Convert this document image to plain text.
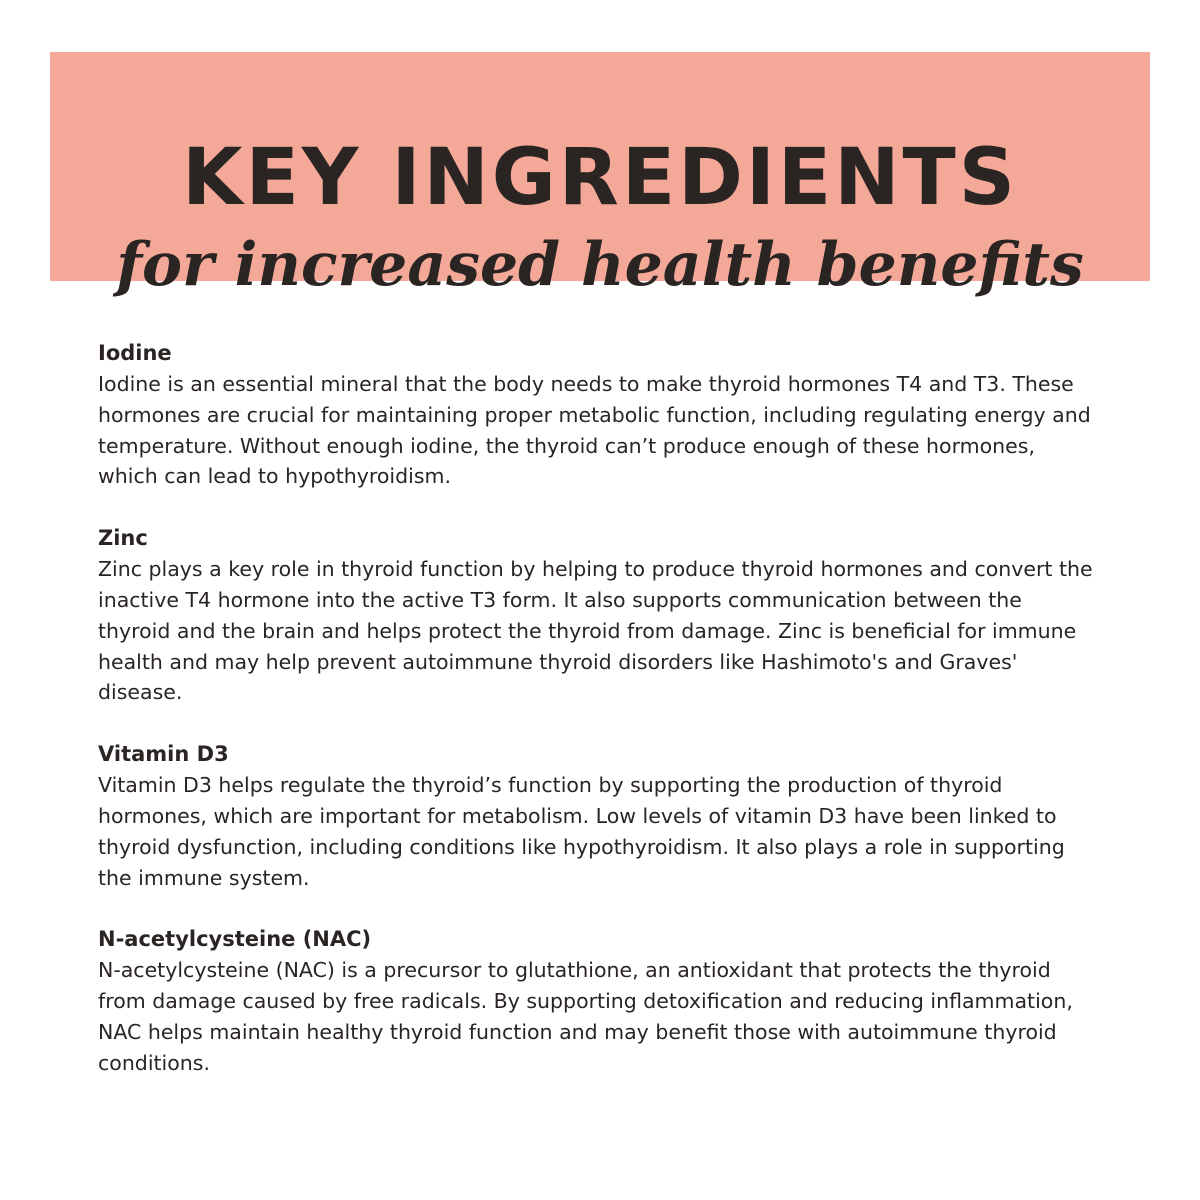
KEY INGREDIENTS
for increased health benefits

Iodine

Iodine is an essential mineral that the body needs to make thyroid hormones T4 and T3. These hormones are crucial for maintaining proper metabolic function, including regulating energy and temperature. Without enough iodine, the thyroid can’t produce enough of these hormones, which can lead to hypothyroidism.

Zinc

Zinc plays a key role in thyroid function by helping to produce thyroid hormones and convert the inactive T4 hormone into the active T3 form. It also supports communication between the thyroid and the brain and helps protect the thyroid from damage. Zinc is beneficial for immune health and may help prevent autoimmune thyroid disorders like Hashimoto's and Graves' disease.

Vitamin D3

Vitamin D3 helps regulate the thyroid’s function by supporting the production of thyroid hormones, which are important for metabolism. Low levels of vitamin D3 have been linked to thyroid dysfunction, including conditions like hypothyroidism. It also plays a role in supporting the immune system.

N-acetylcysteine (NAC)

N-acetylcysteine (NAC) is a precursor to glutathione, an antioxidant that protects the thyroid from damage caused by free radicals. By supporting detoxification and reducing inflammation, NAC helps maintain healthy thyroid function and may benefit those with autoimmune thyroid conditions.
